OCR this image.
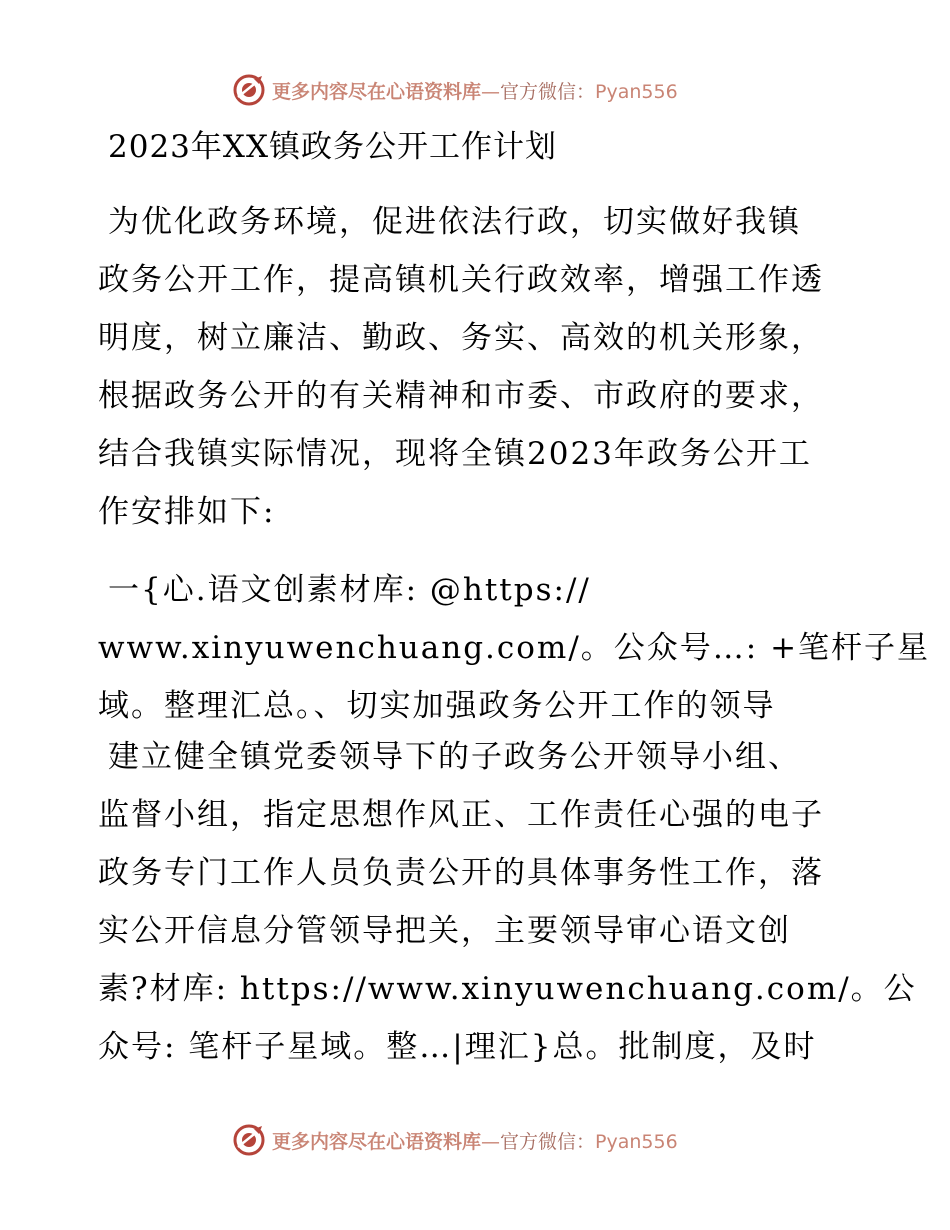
更多内容尽在心语资料库—官方微信：Pyan556
2023年XX镇政务公开工作计划
为优化政务环境，促进依法行政，切实做好我镇
政务公开工作，提高镇机关行政效率，增强工作透
明度，树立廉洁、勤政、务实、高效的机关形象，
根据政务公开的有关精神和市委、市政府的要求，
结合我镇实际情况，现将全镇2023年政务公开工
作安排如下:
一{心.语文创素材库: @https://
www.xinyuwenchuang.com/。公众号…: +笔杆子星
域。整理汇总。、切实加强政务公开工作的领导
建立健全镇党委领导下的子政务公开领导小组、
监督小组，指定思想作风正、工作责任心强的电子
政务专门工作人员负责公开的具体事务性工作，落
实公开信息分管领导把关，主要领导审心语文创
素?材库: https://www.xinyuwenchuang.com/。公
众号: 笔杆子星域。整…|理汇}总。批制度，及时
更多内容尽在心语资料库—官方微信：Pyan556
